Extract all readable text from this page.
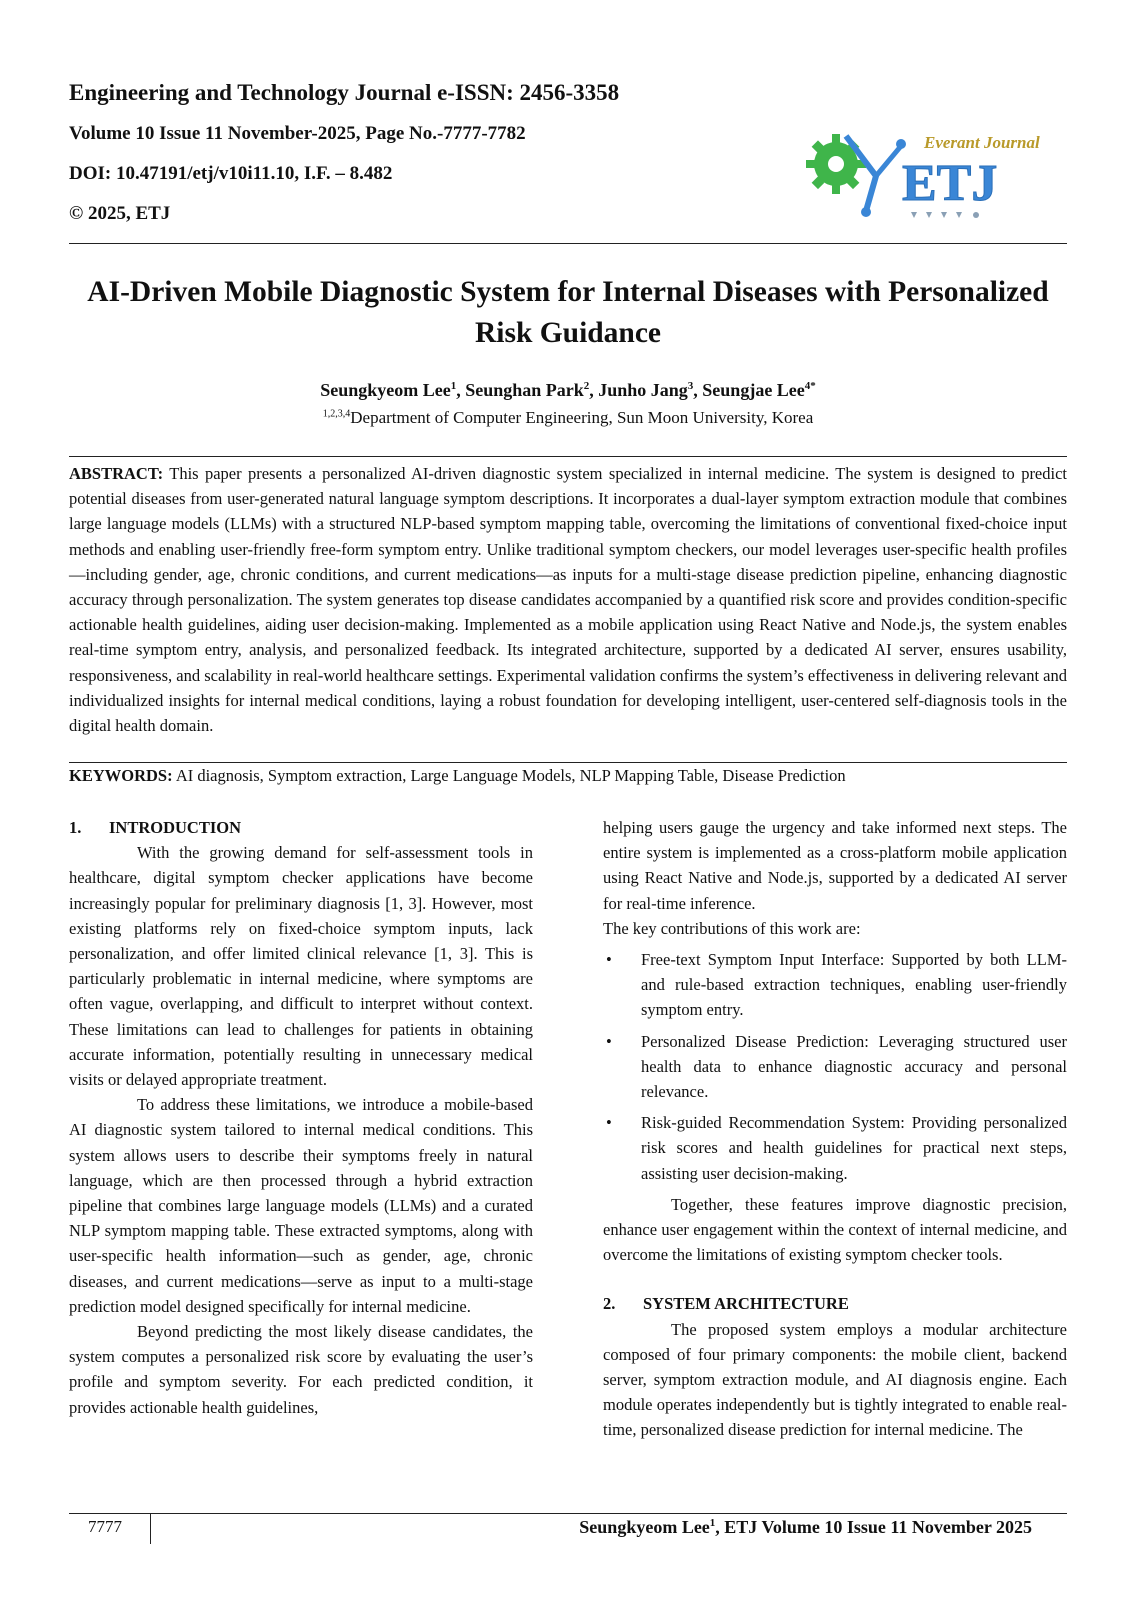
Engineering and Technology Journal e-ISSN: 2456-3358
Volume 10 Issue 11 November-2025, Page No.-7777-7782
DOI: 10.47191/etj/v10i11.10, I.F. – 8.482
© 2025, ETJ
Everant Journal
ETJ
AI-Driven Mobile Diagnostic System for Internal Diseases with Personalized Risk Guidance
Seungkyeom Lee$^1$, Seunghan Park$^2$, Junho Jang$^3$, Seungjae Lee$^{4*}$
$^{1,2,3,4}$Department of Computer Engineering, Sun Moon University, Korea

ABSTRACT: This paper presents a personalized AI-driven diagnostic system specialized in internal medicine. The system is designed to predict potential diseases from user-generated natural language symptom descriptions. It incorporates a dual-layer symptom extraction module that combines large language models (LLMs) with a structured NLP-based symptom mapping table, overcoming the limitations of conventional fixed-choice input methods and enabling user-friendly free-form symptom entry. Unlike traditional symptom checkers, our model leverages user-specific health profiles—including gender, age, chronic conditions, and current medications—as inputs for a multi-stage disease prediction pipeline, enhancing diagnostic accuracy through personalization. The system generates top disease candidates accompanied by a quantified risk score and provides condition-specific actionable health guidelines, aiding user decision-making. Implemented as a mobile application using React Native and Node.js, the system enables real-time symptom entry, analysis, and personalized feedback. Its integrated architecture, supported by a dedicated AI server, ensures usability, responsiveness, and scalability in real-world healthcare settings. Experimental validation confirms the system’s effectiveness in delivering relevant and individualized insights for internal medical conditions, laying a robust foundation for developing intelligent, user-centered self-diagnosis tools in the digital health domain.

KEYWORDS: AI diagnosis, Symptom extraction, Large Language Models, NLP Mapping Table, Disease Prediction

1. INTRODUCTION

With the growing demand for self-assessment tools in healthcare, digital symptom checker applications have become increasingly popular for preliminary diagnosis [1, 3]. However, most existing platforms rely on fixed-choice symptom inputs, lack personalization, and offer limited clinical relevance [1, 3]. This is particularly problematic in internal medicine, where symptoms are often vague, overlapping, and difficult to interpret without context. These limitations can lead to challenges for patients in obtaining accurate information, potentially resulting in unnecessary medical visits or delayed appropriate treatment.

To address these limitations, we introduce a mobile-based AI diagnostic system tailored to internal medical conditions. This system allows users to describe their symptoms freely in natural language, which are then processed through a hybrid extraction pipeline that combines large language models (LLMs) and a curated NLP symptom mapping table. These extracted symptoms, along with user-specific health information—such as gender, age, chronic diseases, and current medications—serve as input to a multi-stage prediction model designed specifically for internal medicine.

Beyond predicting the most likely disease candidates, the system computes a personalized risk score by evaluating the user’s profile and symptom severity. For each predicted condition, it provides actionable health guidelines,

helping users gauge the urgency and take informed next steps. The entire system is implemented as a cross-platform mobile application using React Native and Node.js, supported by a dedicated AI server for real-time inference.

The key contributions of this work are:

• Free-text Symptom Input Interface: Supported by both LLM- and rule-based extraction techniques, enabling user-friendly symptom entry.
• Personalized Disease Prediction: Leveraging structured user health data to enhance diagnostic accuracy and personal relevance.
• Risk-guided Recommendation System: Providing personalized risk scores and health guidelines for practical next steps, assisting user decision-making.

Together, these features improve diagnostic precision, enhance user engagement within the context of internal medicine, and overcome the limitations of existing symptom checker tools.

2. SYSTEM ARCHITECTURE

The proposed system employs a modular architecture composed of four primary components: the mobile client, backend server, symptom extraction module, and AI diagnosis engine. Each module operates independently but is tightly integrated to enable real-time, personalized disease prediction for internal medicine. The

7777	Seungkyeom Lee$^1$, ETJ Volume 10 Issue 11 November 2025
